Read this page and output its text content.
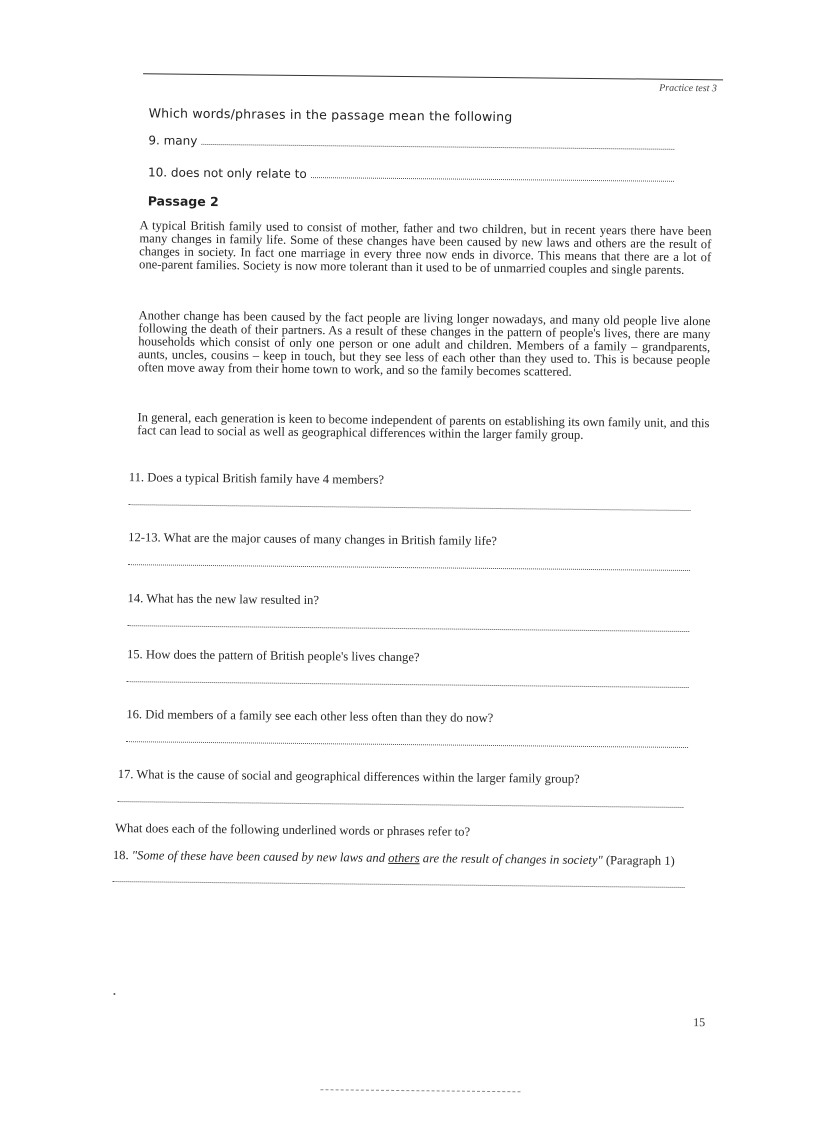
Practice test 3
Which words/phrases in the passage mean the following
9. many
10. does not only relate to
Passage 2
A typical British family used to consist of mother, father and two children, but in recent years there have been many changes in family life. Some of these changes have been caused by new laws and others are the result of changes in society. In fact one marriage in every three now ends in divorce. This means that there are a lot of one-parent families. Society is now more tolerant than it used to be of unmarried couples and single parents.
Another change has been caused by the fact people are living longer nowadays, and many old people live alone following the death of their partners. As a result of these changes in the pattern of people's lives, there are many households which consist of only one person or one adult and children. Members of a family – grandparents, aunts, uncles, cousins – keep in touch, but they see less of each other than they used to. This is because people often move away from their home town to work, and so the family becomes scattered.
In general, each generation is keen to become independent of parents on establishing its own family unit, and this fact can lead to social as well as geographical differences within the larger family group.
11. Does a typical British family have 4 members?
12-13. What are the major causes of many changes in British family life?
14. What has the new law resulted in?
15. How does the pattern of British people's lives change?
16. Did members of a family see each other less often than they do now?
17. What is the cause of social and geographical differences within the larger family group?
What does each of the following underlined words or phrases refer to?
18. "Some of these have been caused by new laws and others are the result of changes in society" (Paragraph 1)
15
